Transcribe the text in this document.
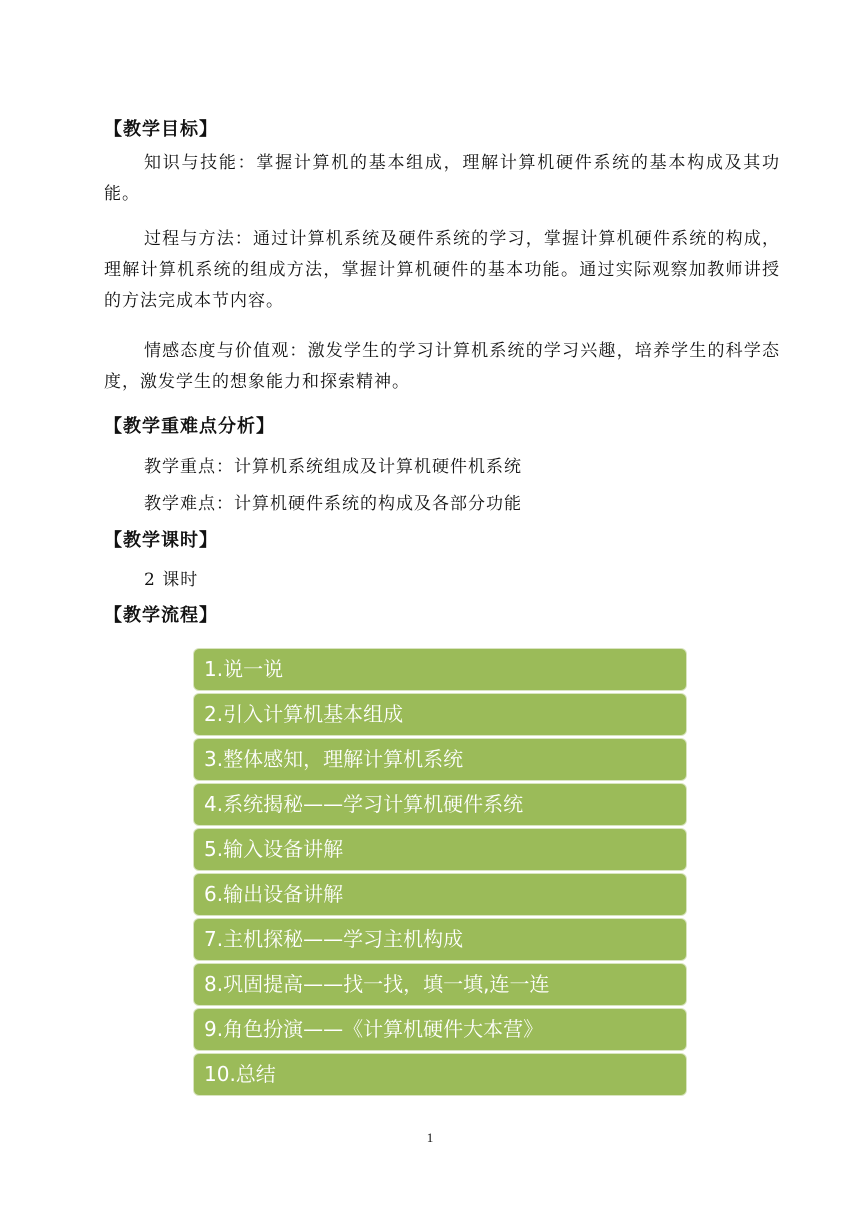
【教学目标】
知识与技能：掌握计算机的基本组成，理解计算机硬件系统的基本构成及其功能。
过程与方法：通过计算机系统及硬件系统的学习，掌握计算机硬件系统的构成，理解计算机系统的组成方法，掌握计算机硬件的基本功能。通过实际观察加教师讲授的方法完成本节内容。
情感态度与价值观：激发学生的学习计算机系统的学习兴趣，培养学生的科学态度，激发学生的想象能力和探索精神。
【教学重难点分析】
教学重点：计算机系统组成及计算机硬件机系统
教学难点：计算机硬件系统的构成及各部分功能
【教学课时】
2 课时
【教学流程】
1.说一说
2.引入计算机基本组成
3.整体感知，理解计算机系统
4.系统揭秘——学习计算机硬件系统
5.输入设备讲解
6.输出设备讲解
7.主机探秘——学习主机构成
8.巩固提高——找一找，填一填,连一连
9.角色扮演——《计算机硬件大本营》
10.总结
1
